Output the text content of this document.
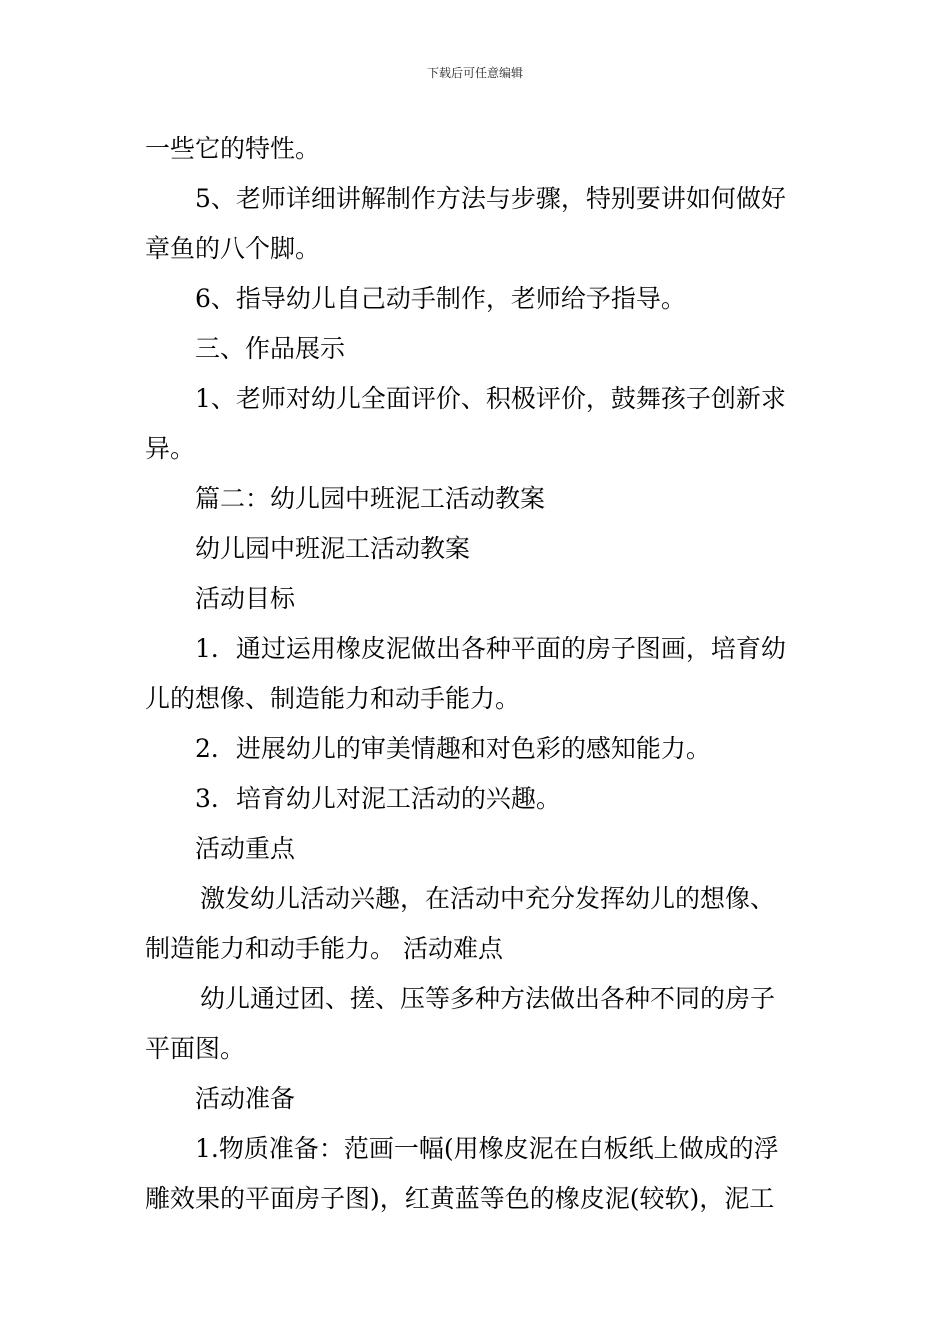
下载后可任意编辑

一些它的特性。

5、老师详细讲解制作方法与步骤，特别要讲如何做好

章鱼的八个脚。

6、指导幼儿自己动手制作，老师给予指导。

三、作品展示

1、老师对幼儿全面评价、积极评价，鼓舞孩子创新求

异。

篇二：幼儿园中班泥工活动教案

幼儿园中班泥工活动教案

活动目标

1．通过运用橡皮泥做出各种平面的房子图画，培育幼

儿的想像、制造能力和动手能力。

2．进展幼儿的审美情趣和对色彩的感知能力。

3．培育幼儿对泥工活动的兴趣。

活动重点

激发幼儿活动兴趣，在活动中充分发挥幼儿的想像、

制造能力和动手能力。 活动难点

幼儿通过团、搓、压等多种方法做出各种不同的房子

平面图。

活动准备

1.物质准备：范画一幅(用橡皮泥在白板纸上做成的浮

雕效果的平面房子图)，红黄蓝等色的橡皮泥(较软)，泥工
